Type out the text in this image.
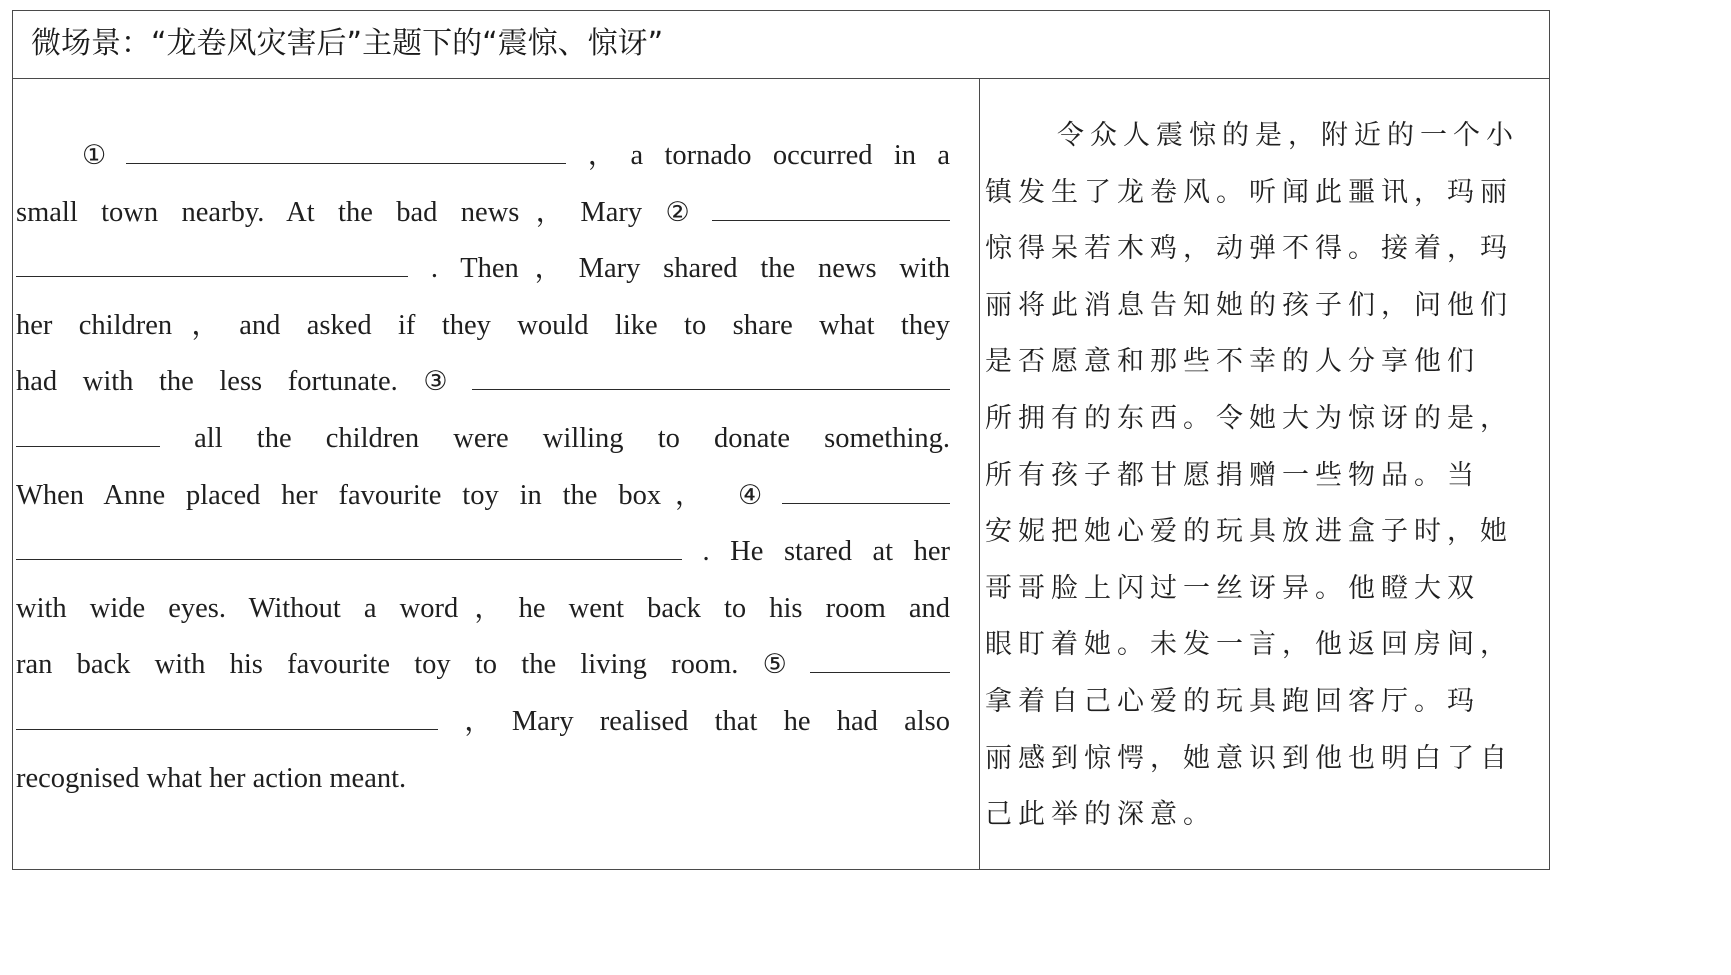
微场景：“龙卷风灾害后”主题下的“震惊、惊讶”
①	，a tornado occurred in a
small town nearby. At the bad news，Mary ②
. Then，Mary shared the news with
her children，and asked if they would like to share what they
had with the less fortunate. ③
all the children were willing to donate something.
When Anne placed her favourite toy in the box， ④
. He stared at her
with wide eyes. Without a word，he went back to his room and
ran back with his favourite toy to the living room. ⑤
，Mary realised that he had also
recognised what her action meant.
令众人震惊的是，附近的一个小
镇发生了龙卷风。听闻此噩讯，玛丽
惊得呆若木鸡，动弹不得。接着，玛
丽将此消息告知她的孩子们，问他们
是否愿意和那些不幸的人分享他们
所拥有的东西。令她大为惊讶的是，
所有孩子都甘愿捐赠一些物品。当
安妮把她心爱的玩具放进盒子时，她
哥哥脸上闪过一丝讶异。他瞪大双
眼盯着她。未发一言，他返回房间，
拿着自己心爱的玩具跑回客厅。玛
丽感到惊愕，她意识到他也明白了自
己此举的深意。
